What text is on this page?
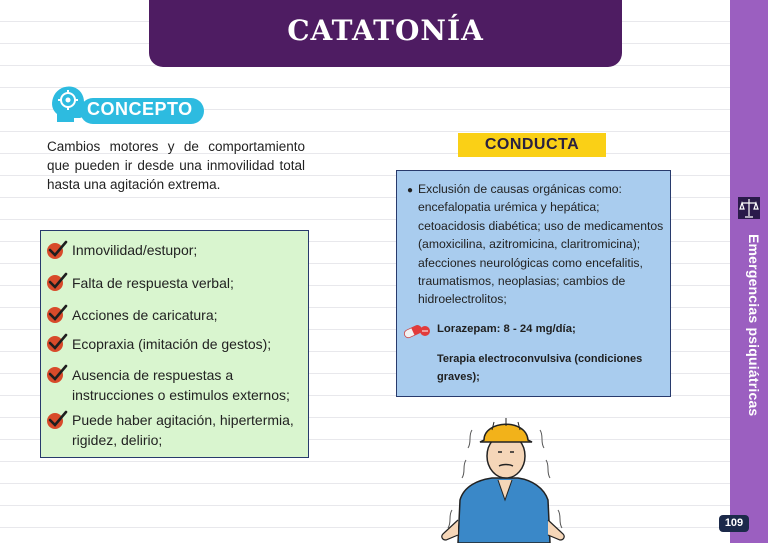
CATATONÍA
CONCEPTO
Cambios motores y de comportamiento que pueden ir desde una inmovilidad total hasta una agitación extrema.
Inmovilidad/estupor;
Falta de respuesta verbal;
Acciones de caricatura;
Ecopraxia (imitación de gestos);
Ausencia de respuestas a instrucciones o estimulos externos;
Puede haber agitación, hipertermia, rigidez, delirio;
CONDUCTA
● Exclusión de causas orgánicas como: encefalopatia urémica y hepática; cetoacidosis diabética; uso de medicamentos (amoxicilina, azitromicina, claritromicina); afecciones neurológicas como encefalitis, traumatismos, neoplasias; cambios de hidroelectrolitos;
Lorazepam: 8 - 24 mg/día;
Terapia electroconvulsiva (condiciones graves);	Emergencias psiquiátricas
109
